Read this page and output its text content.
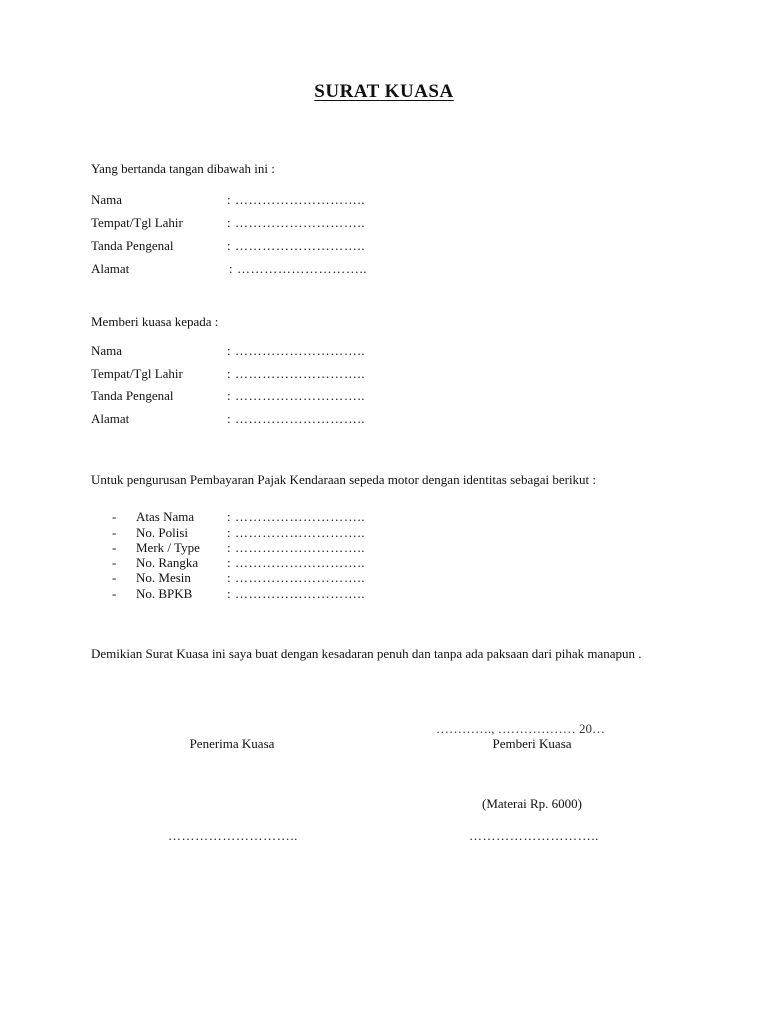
SURAT KUASA
Yang bertanda tangan dibawah ini :
Nama	: ………………………..
Tempat/Tgl Lahir	: ………………………..
Tanda Pengenal	: ………………………..
Alamat	: ………………………..
Memberi kuasa kepada :
Nama	: ………………………..
Tempat/Tgl Lahir	: ………………………..
Tanda Pengenal	: ………………………..
Alamat	: ………………………..
Untuk pengurusan Pembayaran Pajak Kendaraan sepeda motor dengan identitas sebagai berikut :
- Atas Nama	: ………………………..
- No. Polisi	: ………………………..
- Merk / Type : ………………………..
- No. Rangka : ………………………..
- No. Mesin	: ………………………..
- No. BPKB	: ………………………..
Demikian Surat Kuasa ini saya buat dengan kesadaran penuh dan tanpa ada paksaan dari pihak manapun .
…………., ……………… 20…
Penerima Kuasa	Pemberi Kuasa
(Materai Rp. 6000)
………………………..	………………………..
